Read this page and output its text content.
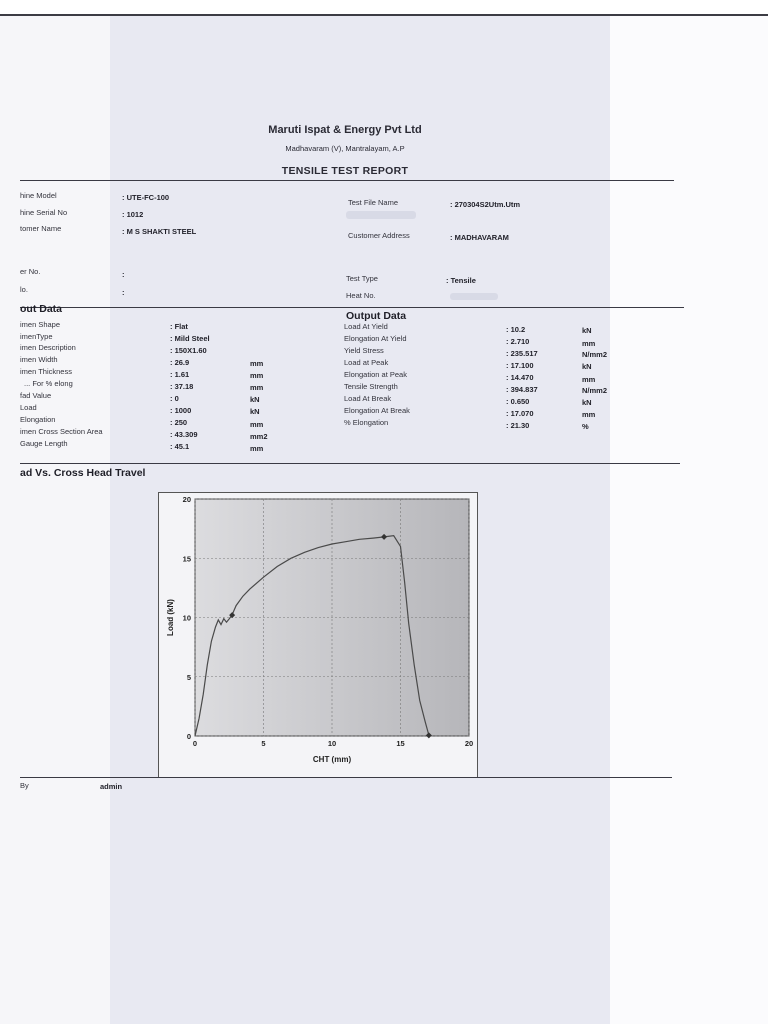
Maruti Ispat & Energy Pvt Ltd
Madhavaram (V), Mantralayam, A.P
TENSILE TEST REPORT
hine Model	: UTE-FC-100
hine Serial No	: 1012
tomer Name	: M S SHAKTI STEEL
er No.	:
lo.	:
Test File Name	: 270304S2Utm.Utm
Customer Address	: MADHAVARAM
Test Type	: Tensile
Heat No.
out Data
imen Shape	: Flat
imenType	: Mild Steel
imen Description	: 150X1.60
imen Width	: 26.9	mm
imen Thickness	: 1.61	mm
... For % elong	: 37.18	mm
fad Value	: 0	kN
Load	: 1000	kN
Elongation	: 250	mm
imen Cross Section Area	: 43.309	mm2
Gauge Length	: 45.1	mm
Output Data
Load At Yield	: 10.2	kN
Elongation At Yield	: 2.710	mm
Yield Stress	: 235.517	N/mm2
Load at Peak	: 17.100	kN
Elongation at Peak	: 14.470	mm
Tensile Strength	: 394.837	N/mm2
Load At Break	: 0.650	kN
Elongation At Break	: 17.070	mm
% Elongation	: 21.30	%
ad Vs. Cross Head Travel
0	5	10	15	20
0
5
10
15
20
CHT (mm)
Load (kN)
By	admin
